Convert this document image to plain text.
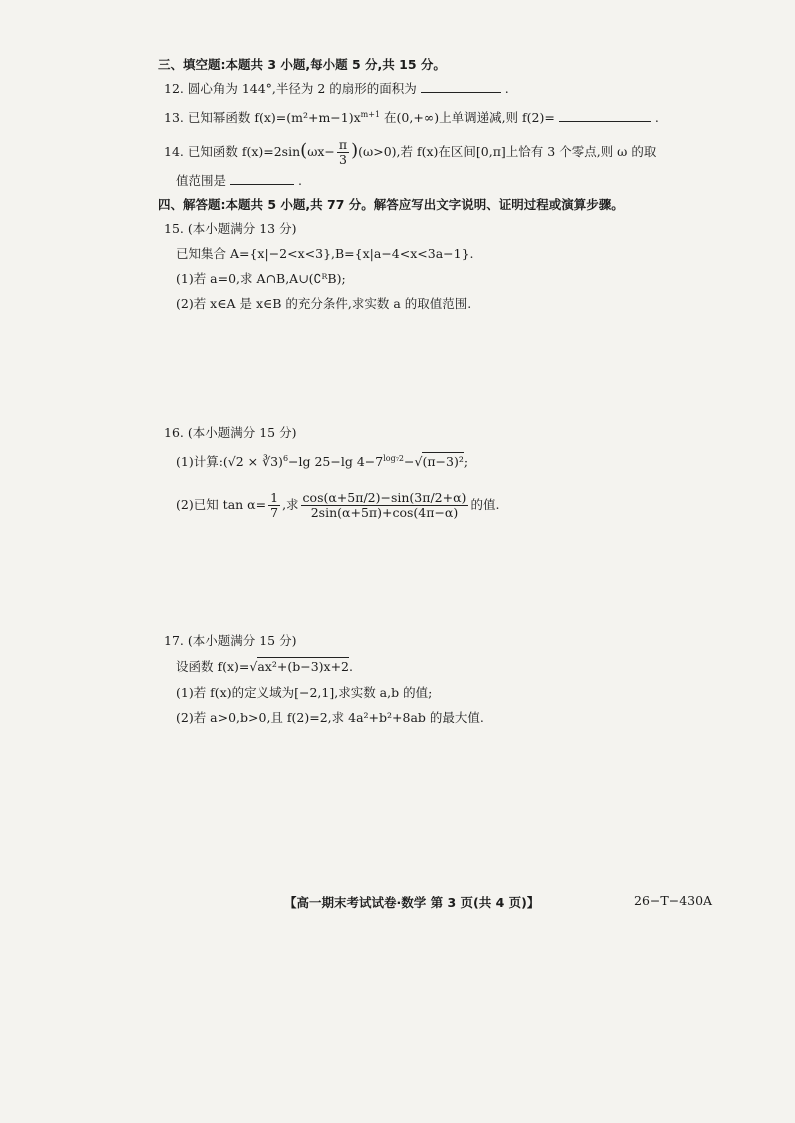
三、填空题:本题共 3 小题,每小题 5 分,共 15 分。
12. 圆心角为 144°,半径为 2 的扇形的面积为	.
13. 已知幂函数 $f(x)=(m^2+m-1)x^{m+1}$ 在(0,+∞)上单调递减,则 f(2)=	.
14. 已知函数 $f(x)=2\sin(\omega x- \frac{\pi}{3} )(\omega>0)$,若 f(x)在区间[0,π]上恰有 3 个零点,则 ω 的取
值范围是	.
四、解答题:本题共 5 小题,共 77 分。解答应写出文字说明、证明过程或演算步骤。
15. (本小题满分 13 分)
已知集合 A={x|−2<x<3},B={x|a−4<x<3a−1}.
(1)若 a=0,求 A∩B,A∪(∁ᴿB);
(2)若 x∈A 是 x∈B 的充分条件,求实数 a 的取值范围.
16. (本小题满分 15 分)
(1)计算:(√2 × ∛3)$^6$−lg 25−lg $4-7^{log_72}-√(\pi-3)^2$;
(2)已知 $\tan \alpha= \frac{1}{7}$ ,求 $\frac{\cos(\alpha+5\pi/2)-\sin(3\pi/2+\alpha)}{2\sin(\alpha+5\pi)+\cos(4\pi-\alpha)}$ 的值.
17. (本小题满分 15 分)
设函数 f(x)=√ax²+(b−3)x+2.
(1)若 f(x)的定义域为[−2,1],求实数 a,b 的值;
(2)若 a>0,b>0,且 f(2)=2,求 4a²+b²+8ab 的最大值.
【高一期末考试试卷·数学 第 3 页(共 4 页)】	26−T−430A
